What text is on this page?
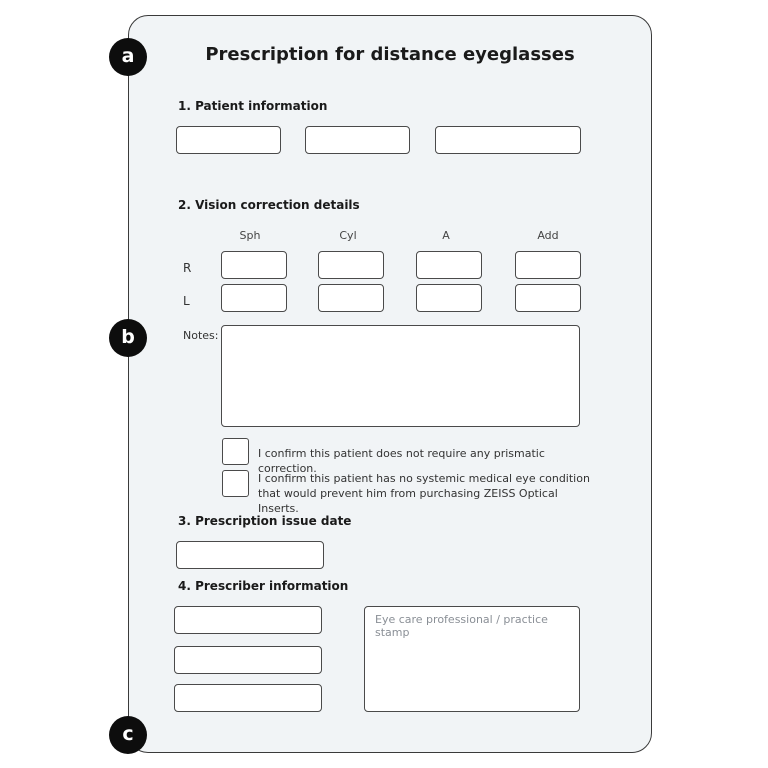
a
b
c
Prescription for distance eyeglasses
1. Patient information
2. Vision correction details
Sph	Cyl	A	Add
R
L
Notes:
I confirm this patient does not require any prismatic correction.
I confirm this patient has no systemic medical eye condition that would prevent him from purchasing ZEISS Optical Inserts.
3. Prescription issue date
4. Prescriber information
Eye care professional / practice stamp
